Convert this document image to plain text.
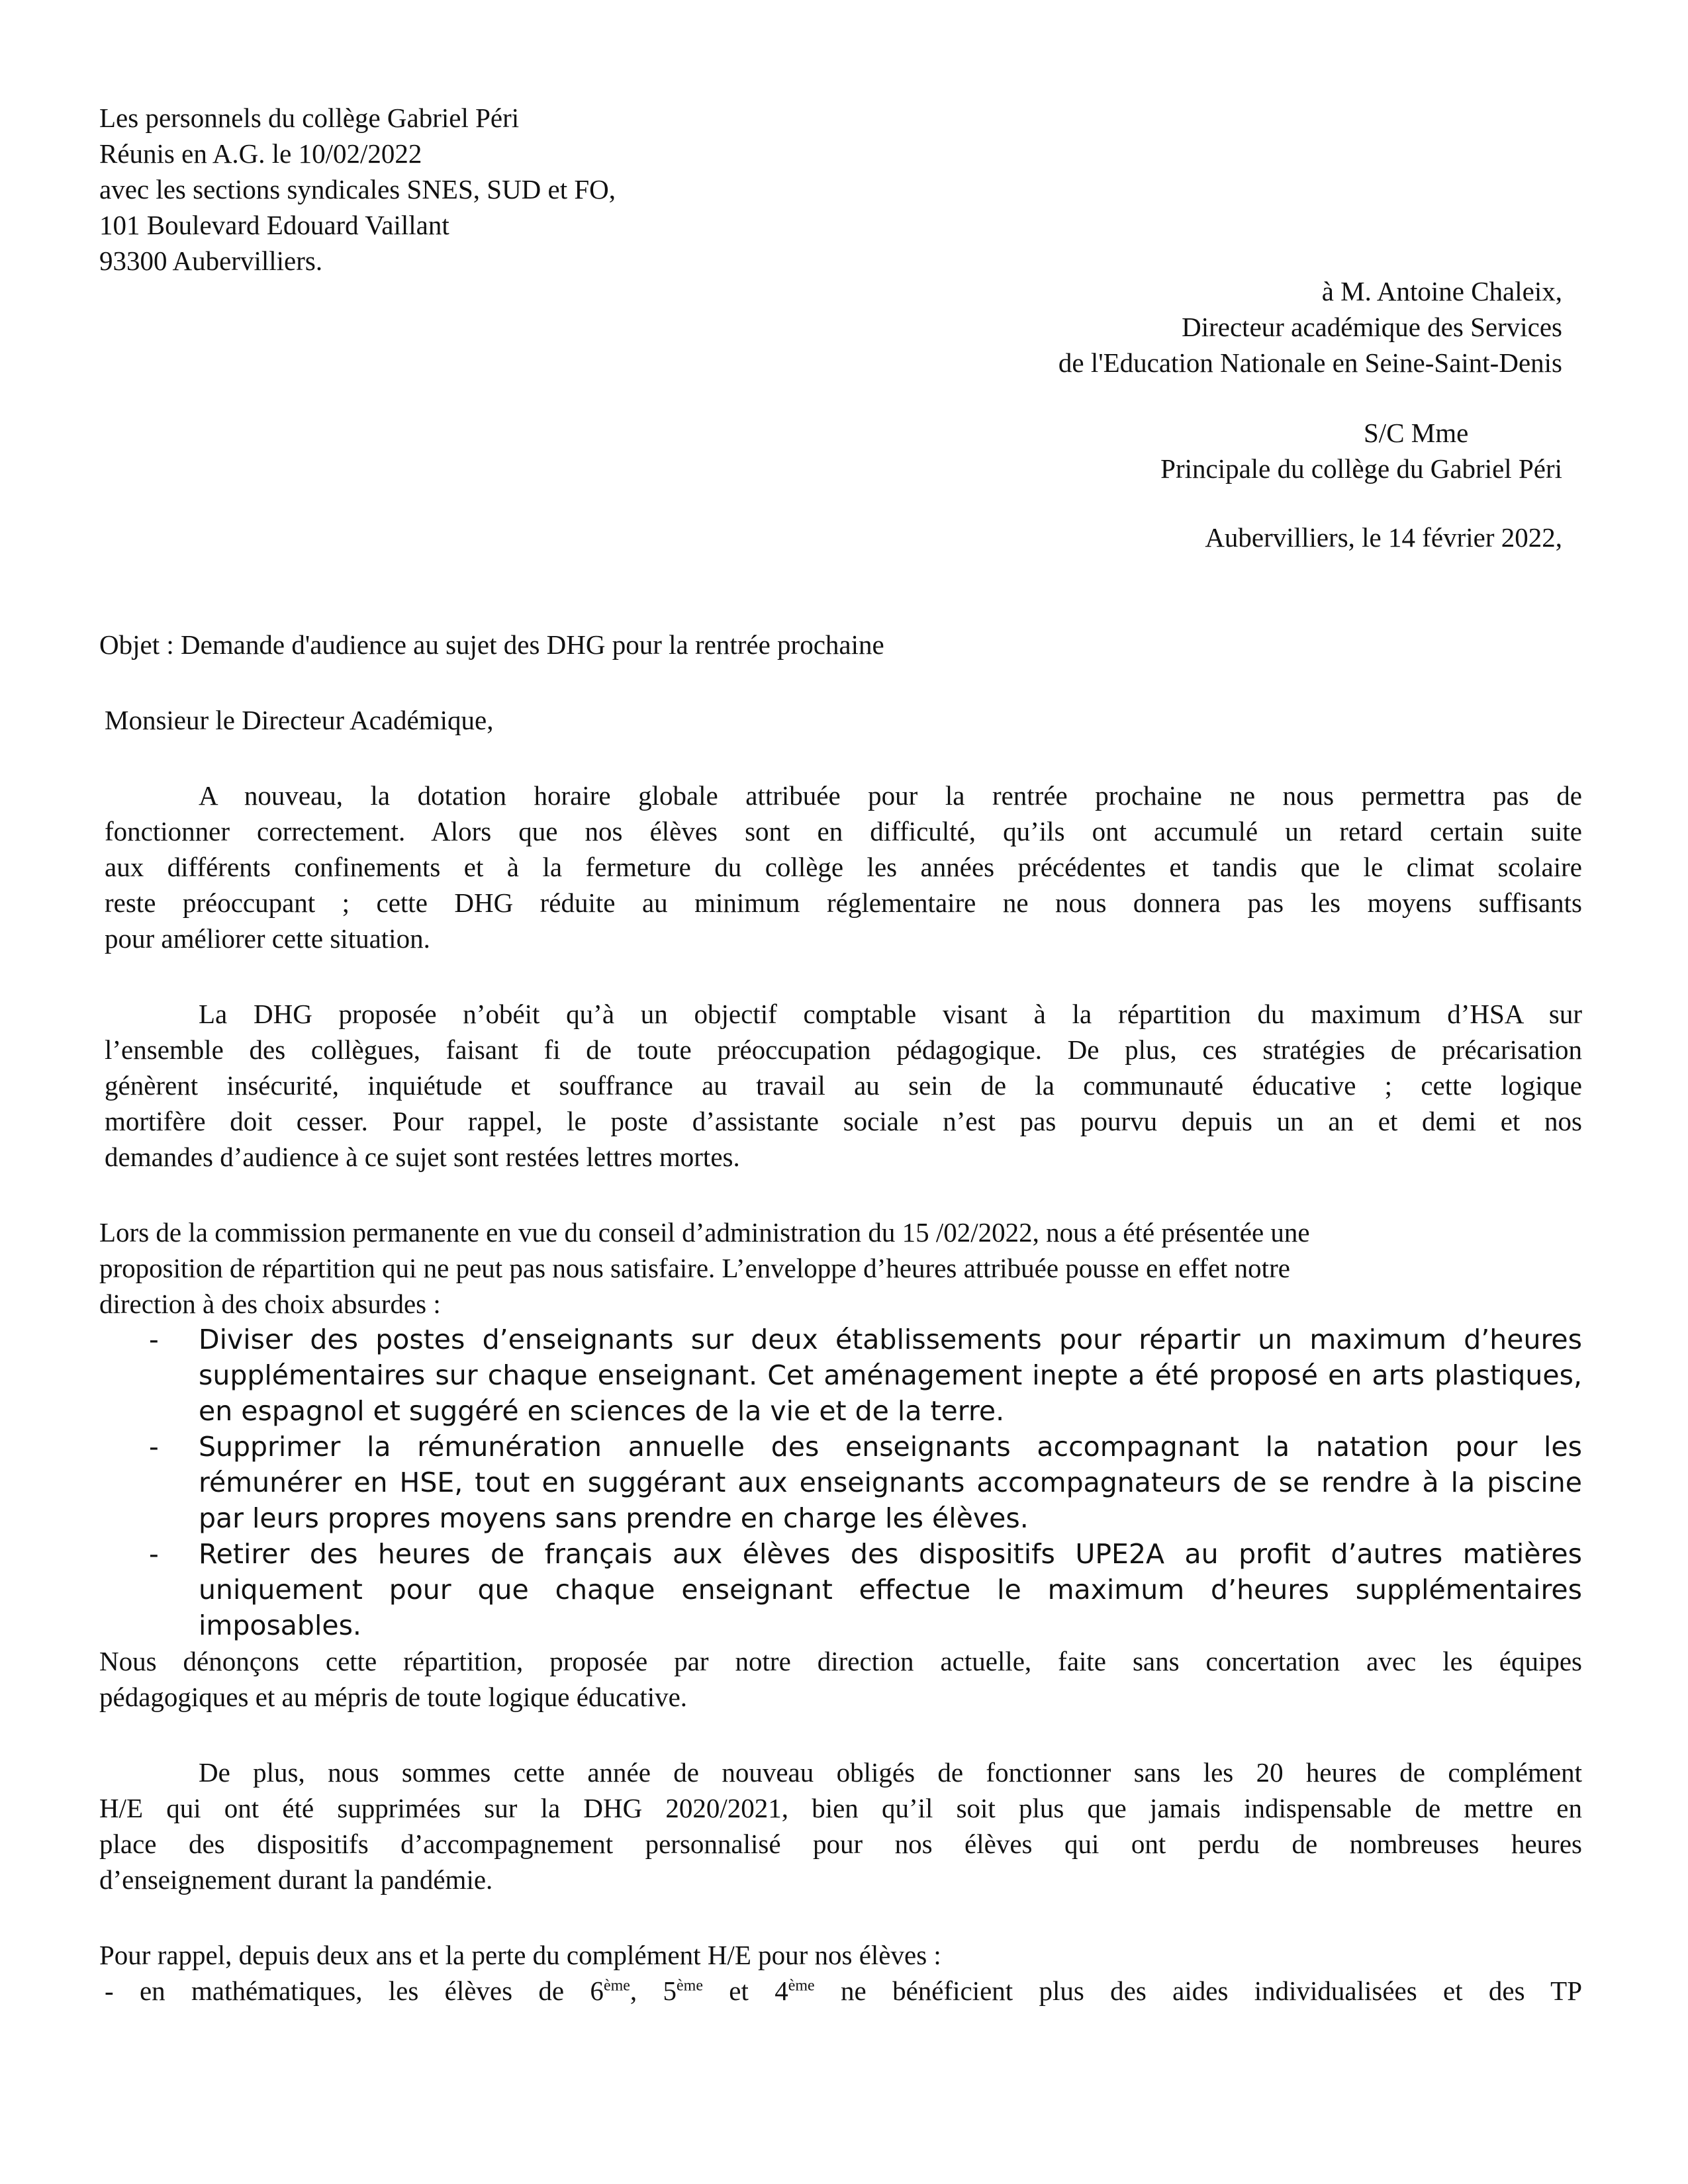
Les personnels du collège Gabriel Péri
Réunis en A.G. le 10/02/2022
avec les sections syndicales SNES, SUD et FO,
101 Boulevard Edouard Vaillant
93300 Aubervilliers.
à M. Antoine Chaleix,
Directeur académique des Services
de l'Education Nationale en Seine-Saint-Denis
S/C Mme
Principale du collège du Gabriel Péri
Aubervilliers, le 14 février 2022,
Objet : Demande d'audience au sujet des DHG pour la rentrée prochaine
Monsieur le Directeur Académique,
A nouveau, la dotation horaire globale attribuée pour la rentrée prochaine ne nous permettra pas de
fonctionner correctement. Alors que nos élèves sont en difficulté, qu’ils ont accumulé un retard certain suite
aux différents confinements et à la fermeture du collège les années précédentes et tandis que le climat scolaire
reste préoccupant ; cette DHG réduite au minimum réglementaire ne nous donnera pas les moyens suffisants
pour améliorer cette situation.
La DHG proposée n’obéit qu’à un objectif comptable visant à la répartition du maximum d’HSA sur
l’ensemble des collègues, faisant fi de toute préoccupation pédagogique. De plus, ces stratégies de précarisation
génèrent insécurité, inquiétude et souffrance au travail au sein de la communauté éducative ; cette logique
mortifère doit cesser. Pour rappel, le poste d’assistante sociale n’est pas pourvu depuis un an et demi et nos
demandes d’audience à ce sujet sont restées lettres mortes.
Lors de la commission permanente en vue du conseil d’administration du 15 /02/2022, nous a été présentée une
proposition de répartition qui ne peut pas nous satisfaire. L’enveloppe d’heures attribuée pousse en effet notre
direction à des choix absurdes :
- Diviser des postes d’enseignants sur deux établissements pour répartir un maximum d’heures
supplémentaires sur chaque enseignant. Cet aménagement inepte a été proposé en arts plastiques,
en espagnol et suggéré en sciences de la vie et de la terre.
- Supprimer la rémunération annuelle des enseignants accompagnant la natation pour les
rémunérer en HSE, tout en suggérant aux enseignants accompagnateurs de se rendre à la piscine
par leurs propres moyens sans prendre en charge les élèves.
- Retirer des heures de français aux élèves des dispositifs UPE2A au profit d’autres matières
uniquement pour que chaque enseignant effectue le maximum d’heures supplémentaires
imposables.
Nous dénonçons cette répartition, proposée par notre direction actuelle, faite sans concertation avec les équipes
pédagogiques et au mépris de toute logique éducative.
De plus, nous sommes cette année de nouveau obligés de fonctionner sans les 20 heures de complément
H/E qui ont été supprimées sur la DHG 2020/2021, bien qu’il soit plus que jamais indispensable de mettre en
place des dispositifs d’accompagnement personnalisé pour nos élèves qui ont perdu de nombreuses heures
d’enseignement durant la pandémie.
Pour rappel, depuis deux ans et la perte du complément H/E pour nos élèves :
- en mathématiques, les élèves de 6ème, 5ème et 4ème ne bénéficient plus des aides individualisées et des TP
